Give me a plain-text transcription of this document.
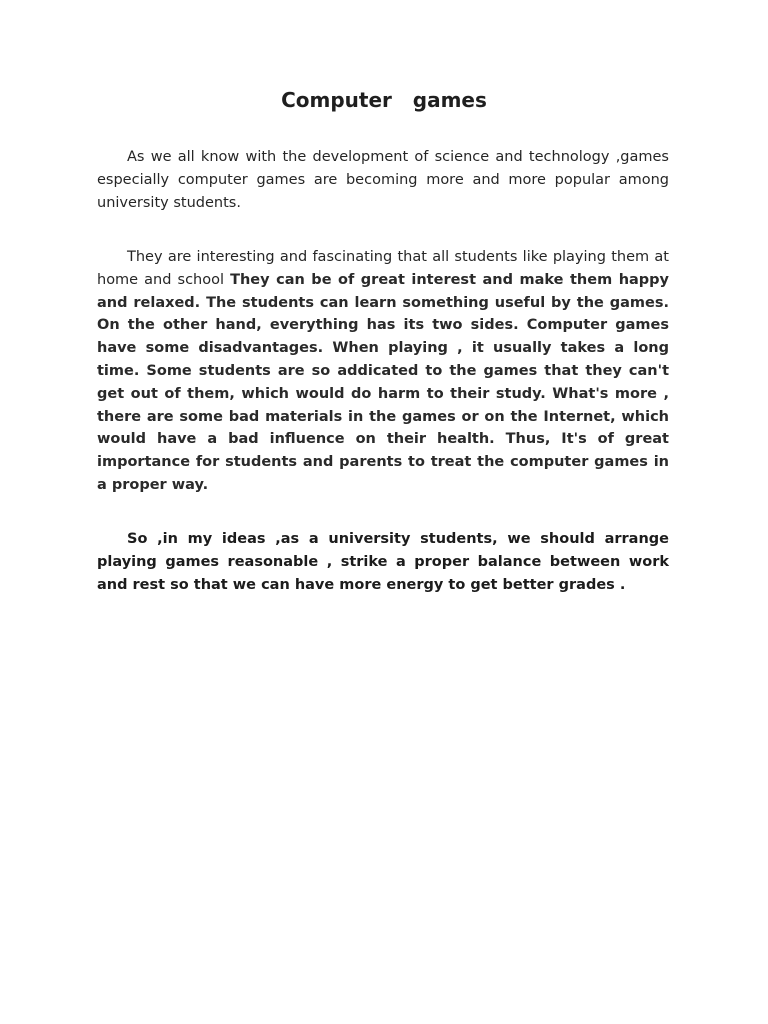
Computer   games

As we all know with the development of science and technology ,games especially computer games are becoming more and more popular among university students.

They are interesting and fascinating that all students like playing them at home and school They can be of great interest and make them happy and relaxed. The students can learn something useful by the games. On the other hand, everything has its two sides. Computer games have some disadvantages. When playing , it usually takes a long time. Some students are so addicated to the games that they can't get out of them, which would do harm to their study. What's more , there are some bad materials in the games or on the Internet, which would have a bad influence on their health. Thus, It's of great importance for students and parents to treat the computer games in a proper way.

So ,in my ideas ,as a university students, we should arrange playing games reasonable , strike a proper balance between work and rest so that we can have more energy to get better grades .
